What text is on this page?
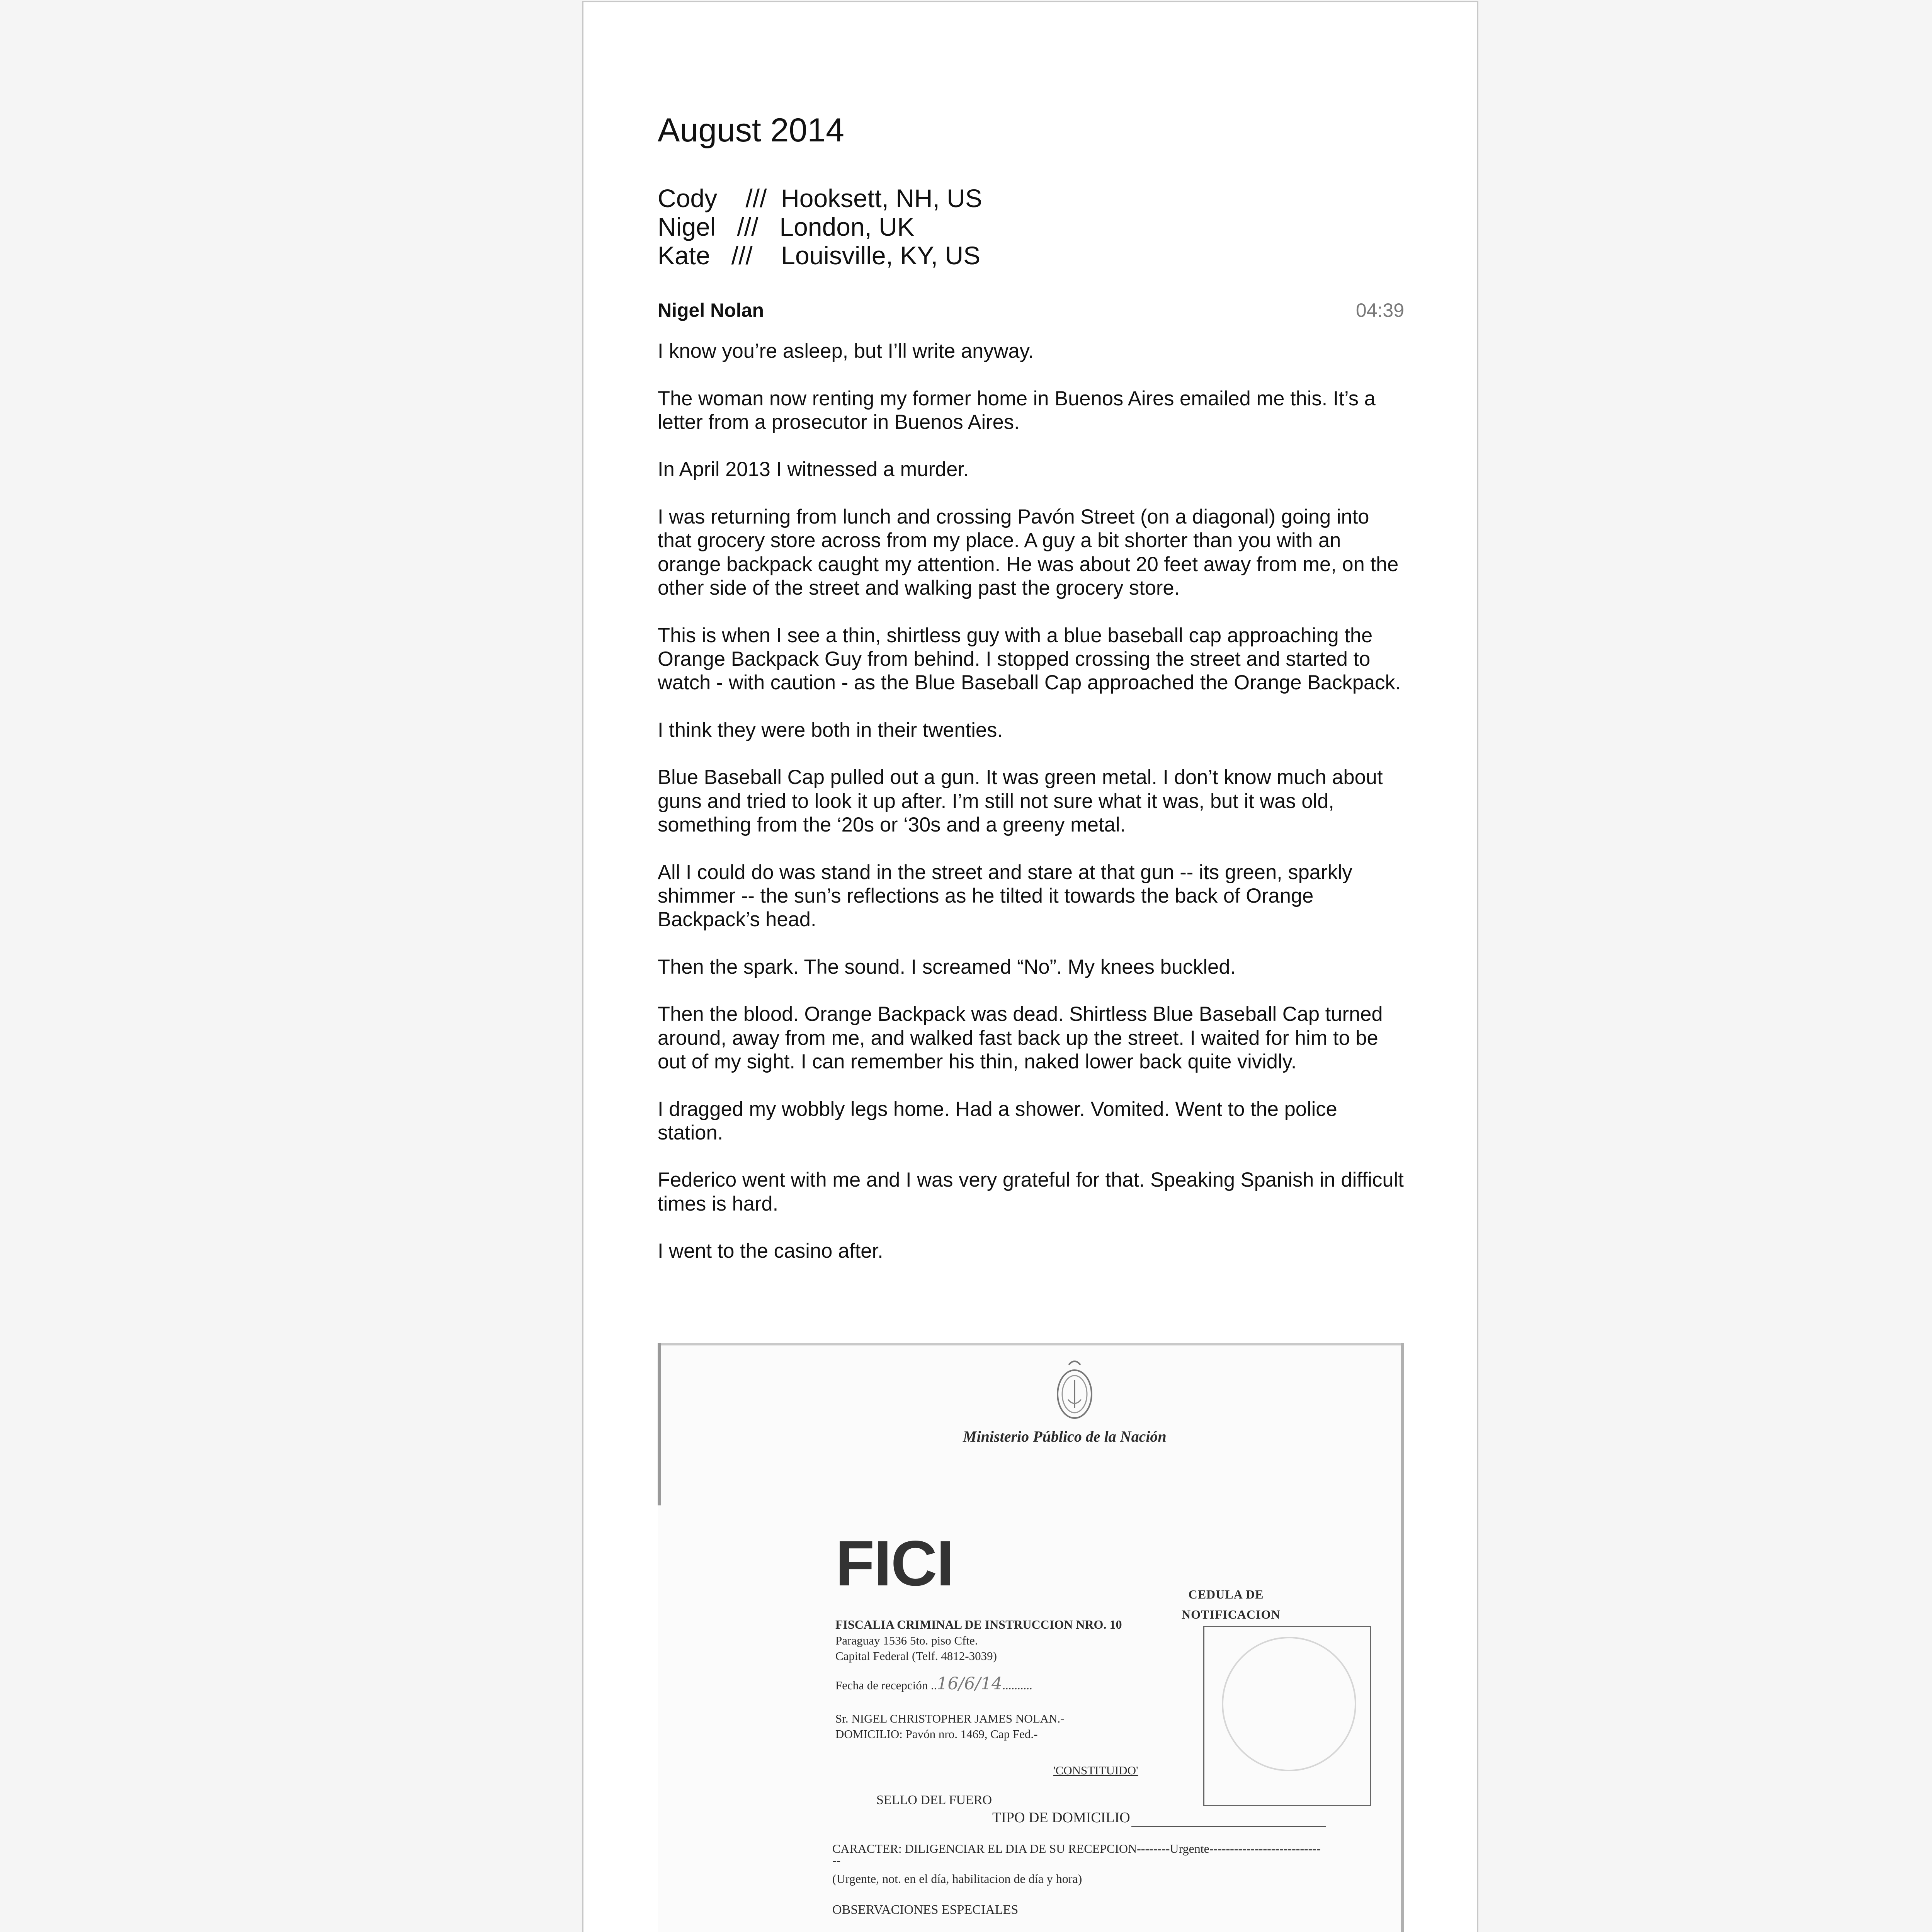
August 2014
Cody    ///  Hooksett, NH, US
Nigel   ///   London, UK
Kate   ///    Louisville, KY, US
Nigel Nolan	04:39

I know you’re asleep, but I’ll write anyway.

The woman now renting my former home in Buenos Aires emailed me this. It’s a letter from a prosecutor in Buenos Aires.

In April 2013 I witnessed a murder.

I was returning from lunch and crossing Pavón Street (on a diagonal) going into that grocery store across from my place. A guy a bit shorter than you with an orange backpack caught my attention. He was about 20 feet away from me, on the other side of the street and walking past the grocery store.

This is when I see a thin, shirtless guy with a blue baseball cap approaching the Orange Backpack Guy from behind. I stopped crossing the street and started to watch - with caution - as the Blue Baseball Cap approached the Orange Backpack.

I think they were both in their twenties.

Blue Baseball Cap pulled out a gun. It was green metal. I don’t know much about guns and tried to look it up after. I’m still not sure what it was, but it was old, something from the ‘20s or ‘30s and a greeny metal.

All I could do was stand in the street and stare at that gun -- its green, sparkly shimmer -- the sun’s reflections as he tilted it towards the back of Orange Backpack’s head.

Then the spark. The sound. I screamed “No”. My knees buckled.

Then the blood. Orange Backpack was dead. Shirtless Blue Baseball Cap turned around, away from me, and walked fast back up the street. I waited for him to be out of my sight. I can remember his thin, naked lower back quite vividly.

I dragged my wobbly legs home. Had a shower. Vomited. Went to the police station.

Federico went with me and I was very grateful for that. Speaking Spanish in difficult times is hard.

I went to the casino after.

Ministerio Público de la Nación
FICI	CEDULA DE NOTIFICACION
FISCALIA CRIMINAL DE INSTRUCCION NRO. 10
Paraguay 1536 5to. piso Cfte.
Capital Federal (Telf. 4812-3039)
Fecha de recepción ..16/6/14..........
Sr. NIGEL CHRISTOPHER JAMES NOLAN.-
DOMICILIO: Pavón nro. 1469, Cap Fed.-
'CONSTITUIDO'
SELLO DEL FUERO
TIPO DE DOMICILIO
CARACTER: DILIGENCIAR EL DIA DE SU RECEPCION--------Urgente---------------------------
--
(Urgente, not. en el día, habilitacion de día y hora)
OBSERVACIONES ESPECIALES
